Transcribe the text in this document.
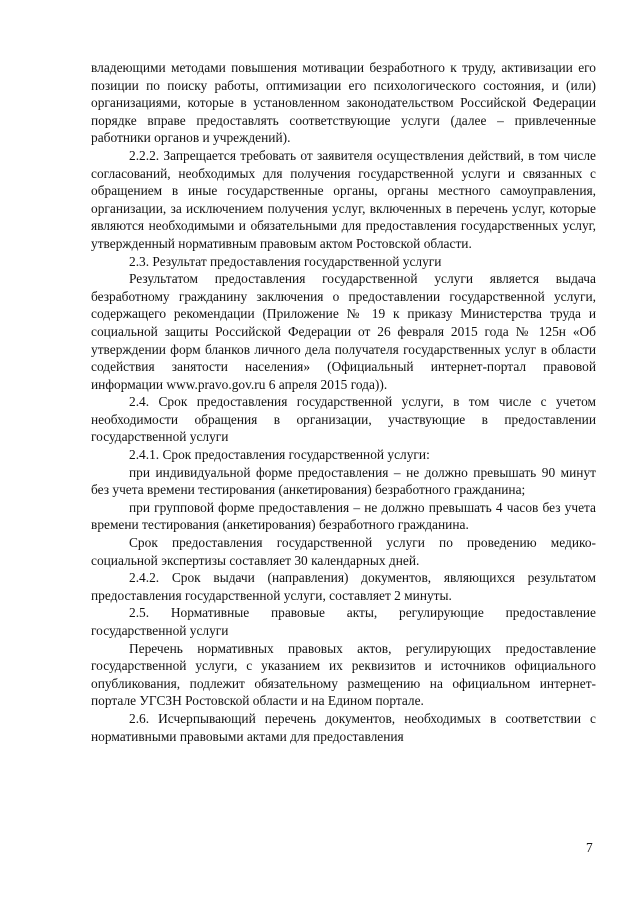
владеющими методами повышения мотивации безработного к труду, активизации его позиции по поиску работы, оптимизации его психологического состояния, и (или) организациями, которые в установленном законодательством Российской Федерации порядке вправе предоставлять соответствующие услуги (далее – привлеченные работники органов и учреждений).

2.2.2. Запрещается требовать от заявителя осуществления действий, в том числе согласований, необходимых для получения государственной услуги и связанных с обращением в иные государственные органы, органы местного самоуправления, организации, за исключением получения услуг, включенных в перечень услуг, которые являются необходимыми и обязательными для предоставления государственных услуг, утвержденный нормативным правовым актом Ростовской области.

2.3. Результат предоставления государственной услуги

Результатом предоставления государственной услуги является выдача безработному гражданину заключения о предоставлении государственной услуги, содержащего рекомендации (Приложение № 19 к приказу Министерства труда и социальной защиты Российской Федерации от 26 февраля 2015 года № 125н «Об утверждении форм бланков личного дела получателя государственных услуг в области содействия занятости населения» (Официальный интернет-портал правовой информации www.pravo.gov.ru 6 апреля 2015 года)).

2.4. Срок предоставления государственной услуги, в том числе с учетом необходимости обращения в организации, участвующие в предоставлении государственной услуги

2.4.1. Срок предоставления государственной услуги:

при индивидуальной форме предоставления – не должно превышать 90 минут без учета времени тестирования (анкетирования) безработного гражданина;

при групповой форме предоставления – не должно превышать 4 часов без учета времени тестирования (анкетирования) безработного гражданина.

Срок предоставления государственной услуги по проведению медико-социальной экспертизы составляет 30 календарных дней.

2.4.2. Срок выдачи (направления) документов, являющихся результатом предоставления государственной услуги, составляет 2 минуты.

2.5. Нормативные правовые акты, регулирующие предоставление государственной услуги

Перечень нормативных правовых актов, регулирующих предоставление государственной услуги, с указанием их реквизитов и источников официального опубликования, подлежит обязательному размещению на официальном интернет-портале УГСЗН Ростовской области и на Едином портале.

2.6. Исчерпывающий перечень документов, необходимых в соответствии с нормативными правовыми актами для предоставления

7
